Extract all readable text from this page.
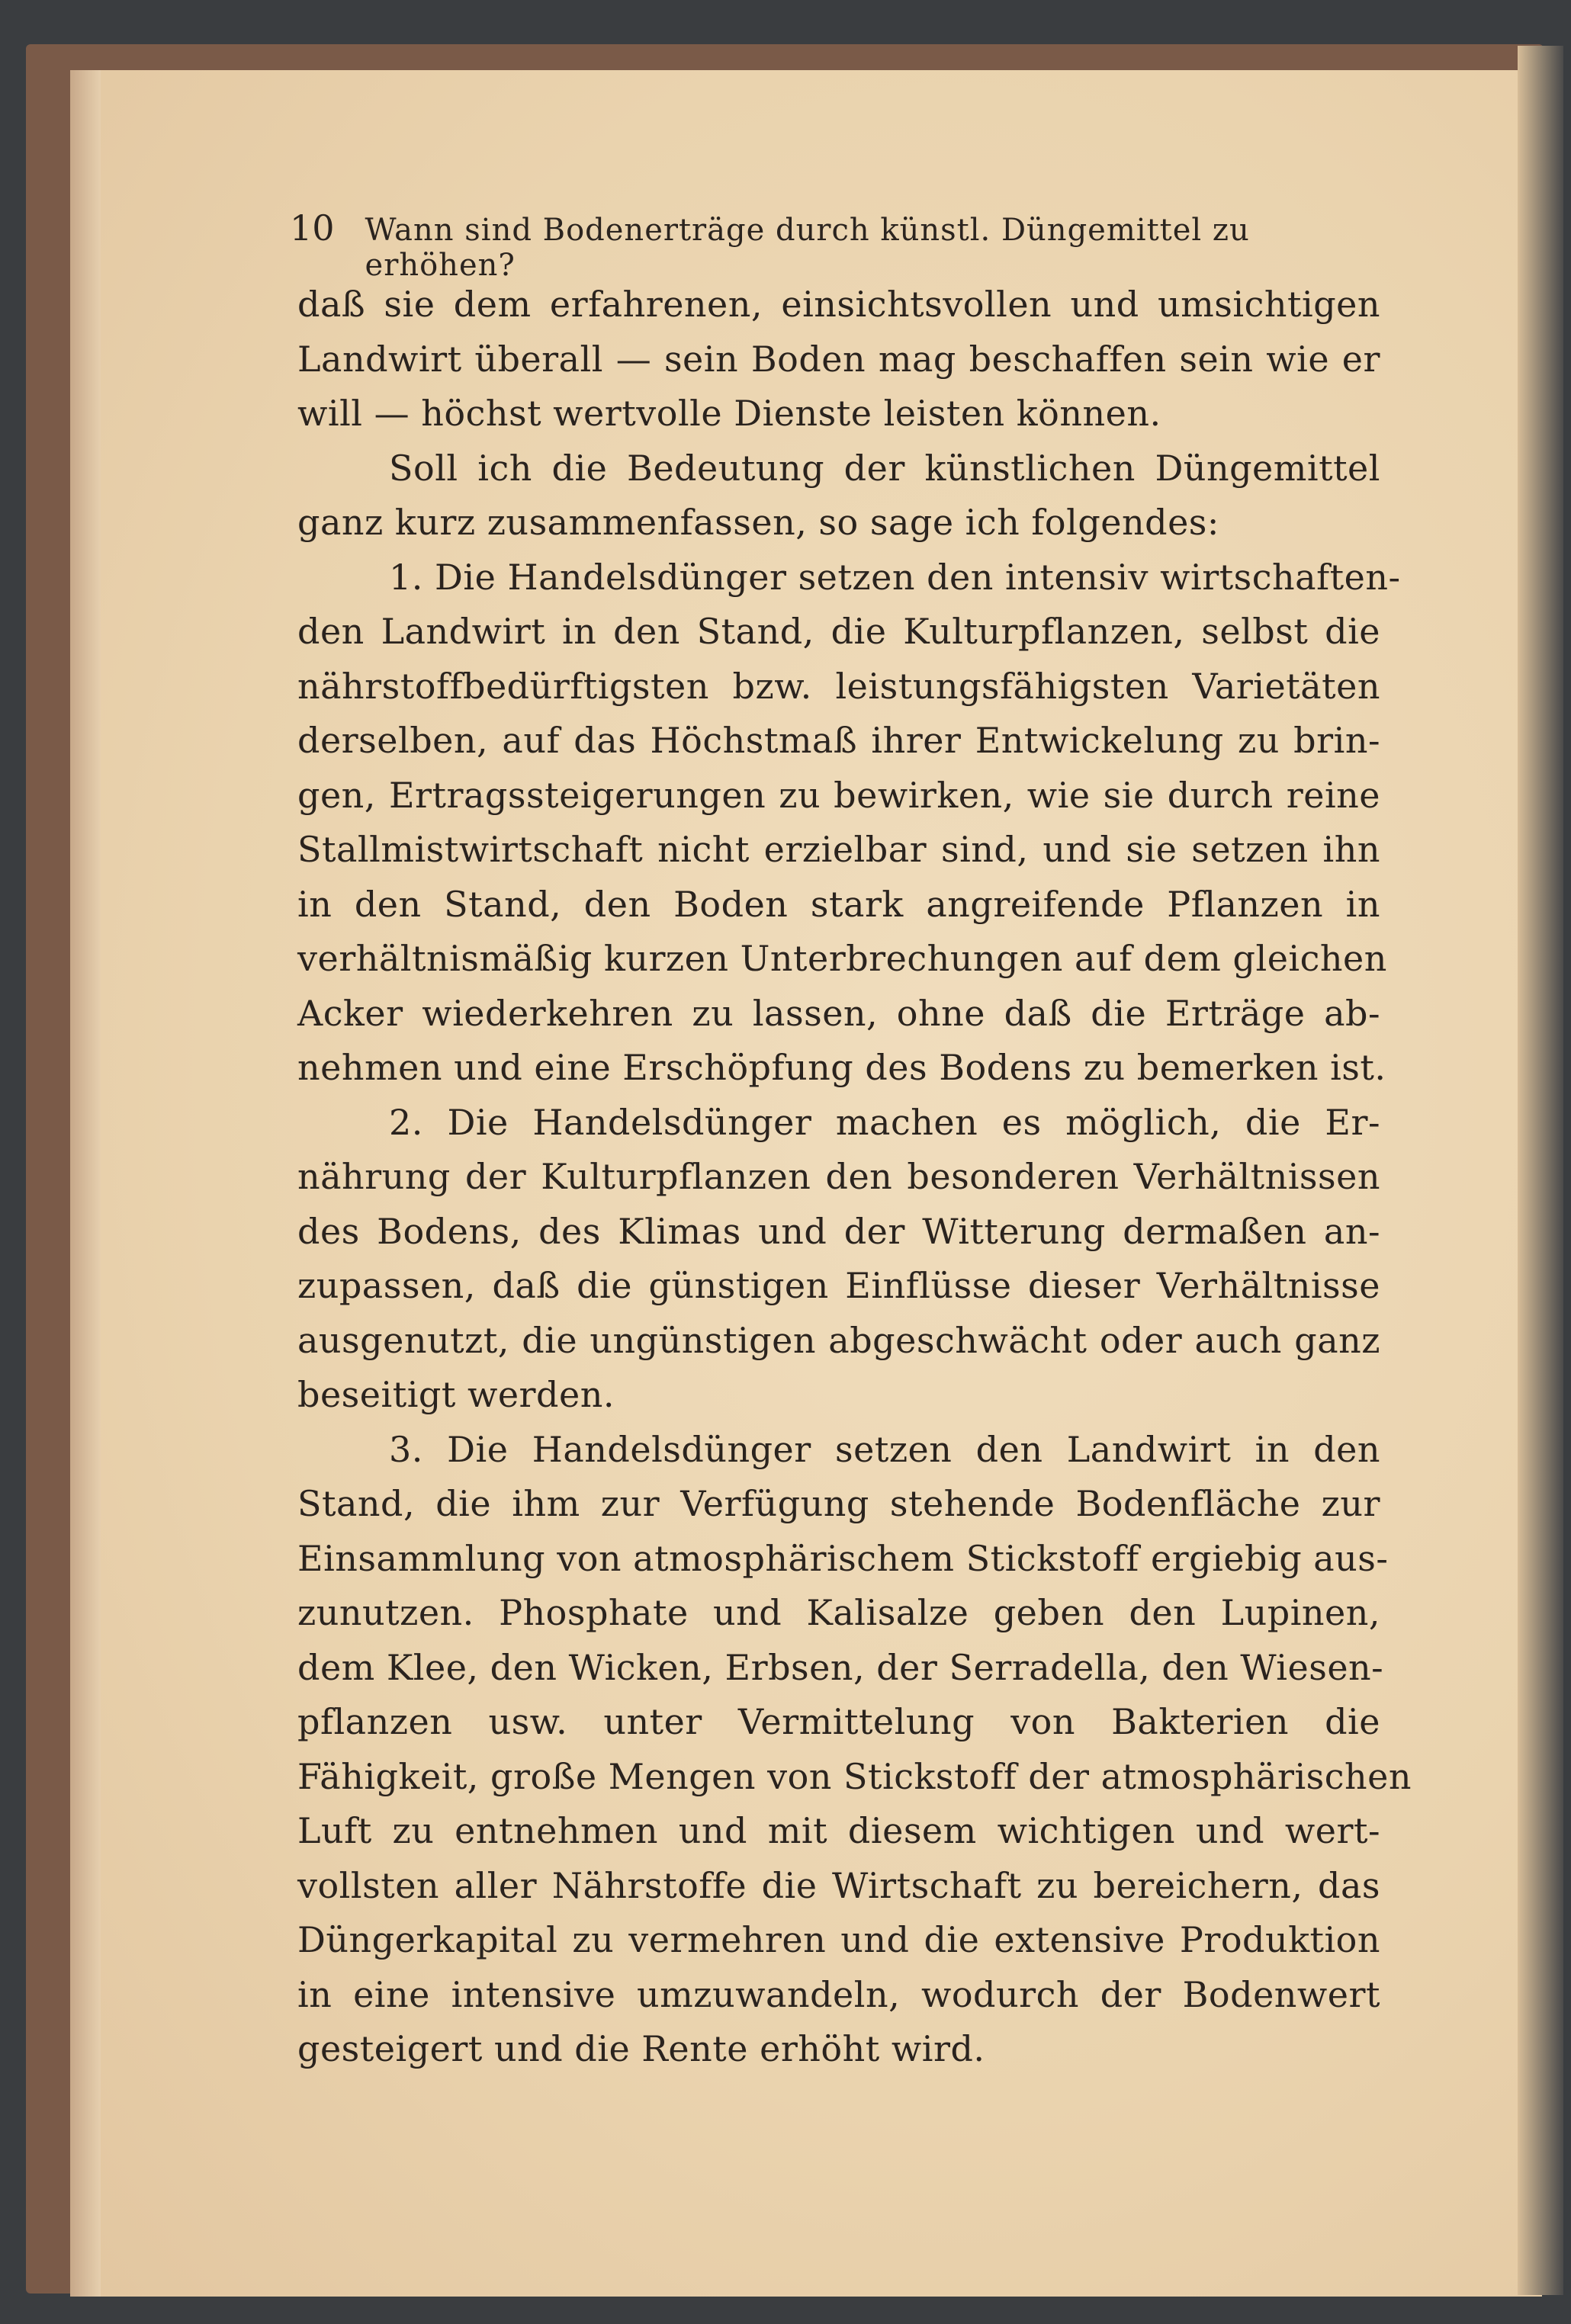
10 Wann sind Bodenerträge durch künstl. Düngemittel zu erhöhen?
daß sie dem erfahrenen, einsichtsvollen und umsichtigen
Landwirt überall — sein Boden mag beschaffen sein wie er
will — höchst wertvolle Dienste leisten können.
Soll ich die Bedeutung der künstlichen Düngemittel
ganz kurz zusammenfassen, so sage ich folgendes:
1. Die Handelsdünger setzen den intensiv wirtschaften-
den Landwirt in den Stand, die Kulturpflanzen, selbst die
nährstoffbedürftigsten bzw. leistungsfähigsten Varietäten
derselben, auf das Höchstmaß ihrer Entwickelung zu brin-
gen, Ertragssteigerungen zu bewirken, wie sie durch reine
Stallmistwirtschaft nicht erzielbar sind, und sie setzen ihn
in den Stand, den Boden stark angreifende Pflanzen in
verhältnismäßig kurzen Unterbrechungen auf dem gleichen
Acker wiederkehren zu lassen, ohne daß die Erträge ab-
nehmen und eine Erschöpfung des Bodens zu bemerken ist.
2. Die Handelsdünger machen es möglich, die Er-
nährung der Kulturpflanzen den besonderen Verhältnissen
des Bodens, des Klimas und der Witterung dermaßen an-
zupassen, daß die günstigen Einflüsse dieser Verhältnisse
ausgenutzt, die ungünstigen abgeschwächt oder auch ganz
beseitigt werden.
3. Die Handelsdünger setzen den Landwirt in den
Stand, die ihm zur Verfügung stehende Bodenfläche zur
Einsammlung von atmosphärischem Stickstoff ergiebig aus-
zunutzen. Phosphate und Kalisalze geben den Lupinen,
dem Klee, den Wicken, Erbsen, der Serradella, den Wiesen-
pflanzen usw. unter Vermittelung von Bakterien die
Fähigkeit, große Mengen von Stickstoff der atmosphärischen
Luft zu entnehmen und mit diesem wichtigen und wert-
vollsten aller Nährstoffe die Wirtschaft zu bereichern, das
Düngerkapital zu vermehren und die extensive Produktion
in eine intensive umzuwandeln, wodurch der Bodenwert
gesteigert und die Rente erhöht wird.
